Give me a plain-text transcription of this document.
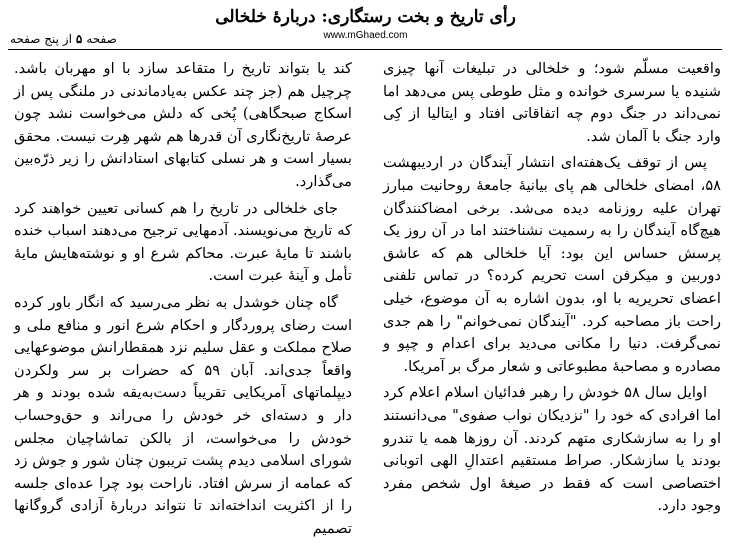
رأی تاریخ و بخت رستگاری: دربارهٔ خلخالی
www.mGhaed.com
صفحه۵از پنج صفحه

واقعیت مسلّم شود؛ و خلخالی در تبلیغات آنها چیزی شنیده یا سرسری خوانده و مثل طوطی پس می‌دهد اما نمی‌داند در جنگ دوم چه اتفاقاتی افتاد و ایتالیا از کِی وارد جنگ با آلمان شد.

پس از توقف یک‌هفته‌ای انتشار آیندگان در اردیبهشت ۵۸، امضای خلخالی هم پای بیانیهٔ جامعهٔ روحانیت مبارز تهران علیه روزنامه دیده می‌شد. برخی امضاکنندگان هیچ‌گاه آیندگان را به رسمیت نشناختند اما در آن روز یک پرسش حساس این بود: آیا خلخالی هم که عاشق دوربین و میکرفن است تحریم کرده؟ در تماس تلفنی اعضای تحریریه با او، بدون اشاره به آن موضوع، خیلی راحت باز مصاحبه کرد. "آیندگان نمی‌خوانم" را هم جدی نمی‌گرفت. دنیا را مکانی می‌دید برای اعدام و چپو و مصادره و مصاحبهٔ مطبوعاتی و شعار مرگ بر آمریکا.

اوایل سال ۵۸ خودش را رهبر فدائیان اسلام اعلام کرد اما افرادی که خود را "نزدیکان نواب صفوی" می‌دانستند او را به سازشکاری متهم کردند. آن روزها همه یا تندرو بودند یا سازشکار. صراط مستقیم اعتدالِ الهی اتوبانی اختصاصی است که فقط در صیغهٔ اول شخص مفرد وجود دارد.

کند یا بتواند تاریخ را متقاعد سازد با او مهربان باشد. چرچیل هم (جز چند عکس به‌یادماندنی در ملنگی پس از اسکاج صبحگاهی) پُخی که دلش می‌خواست نشد چون عرصهٔ تاریخ‌نگاری آن قدرها هم شهر هِرت نیست. محقق بسیار است و هر نسلی کتابهای استادانش را زیر ذرّه‌بین می‌گذارد.

جای خلخالی در تاریخ را هم کسانی تعیین خواهند کرد که تاریخ می‌نویسند. آدمهایی ترجیح می‌دهند اسباب خنده باشند تا مایهٔ عبرت. محاکم شرع او و نوشته‌هایش مایهٔ تأمل و آینهٔ عبرت است.

گاه چنان خوشدل به نظر می‌رسید که انگار باور کرده است رضای پروردگار و احکام شرع انور و منافع ملی و صلاح مملکت و عقل سلیم نزد همقطارانش موضوعهایی واقعاً جدی‌اند. آبان ۵۹ که حضرات بر سر ولکردن دیپلماتهای آمریکایی تقریباً دست‌به‌یقه شده بودند و هر دار و دسته‌ای خر خودش را می‌راند و حق‌وحساب خودش را می‌خواست، از بالکن تماشاچیان مجلس شورای اسلامی دیدم پشت تریبون چنان شور و جوش زد که عمامه از سرش افتاد. ناراحت بود چرا عده‌ای جلسه را از اکثریت انداخته‌اند تا نتواند دربارهٔ آزادی گروگانها تصمیم
